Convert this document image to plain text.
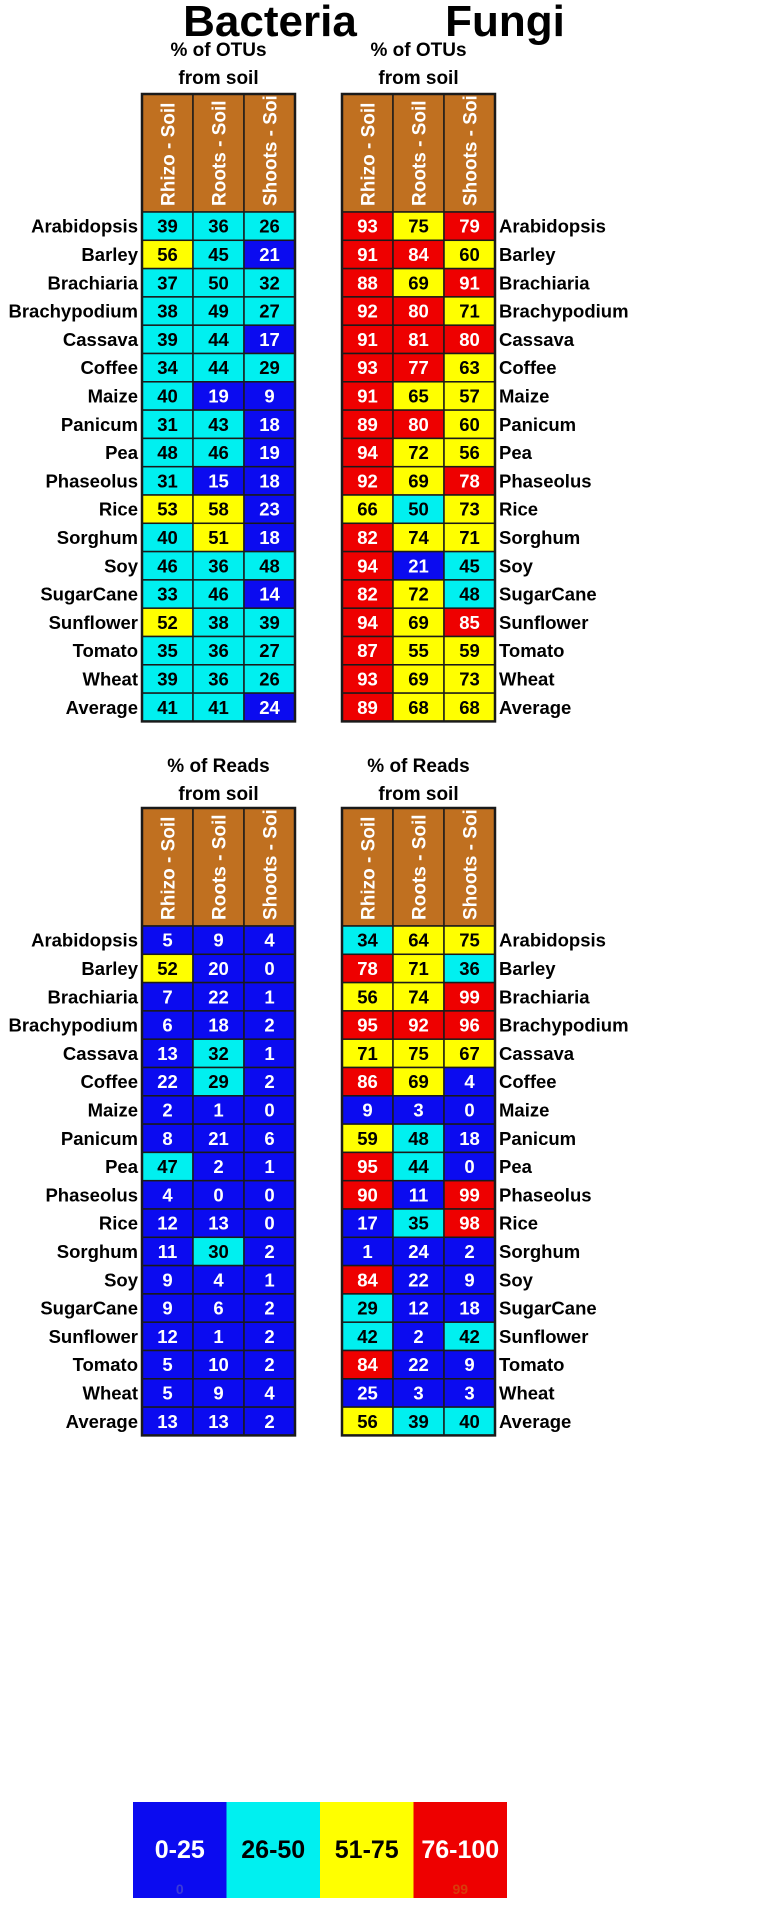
Bacteria Fungi
% of OTUs
from soil
Rhizo - Soil Roots - Soil Shoots - Soil
Arabidopsis 39 36 26
Barley 56 45 21
Brachiaria 37 50 32
Brachypodium 38 49 27
Cassava 39 44 17
Coffee 34 44 29
Maize 40 19 9
Panicum 31 43 18
Pea 48 46 19
Phaseolus 31 15 18
Rice 53 58 23
Sorghum 40 51 18
Soy 46 36 48
SugarCane 33 46 14
Sunflower 52 38 39
Tomato 35 36 27
Wheat 39 36 26
Average 41 41 24
% of OTUs
from soil
Rhizo - Soil Roots - Soil Shoots - Soil
Arabidopsis
93 75 79
Barley
91 84 60
Brachiaria
88 69 91
Brachypodium
92 80 71
Cassava
91 81 80
Coffee
93 77 63
Maize
91 65 57
Panicum
89 80 60
Pea
94 72 56
Phaseolus
92 69 78
Rice
66 50 73
Sorghum
82 74 71
Soy
94 21 45
SugarCane
82 72 48
Sunflower
94 69 85
Tomato
87 55 59
Wheat
93 69 73
Average
89 68 68
% of Reads
from soil
Rhizo - Soil Roots - Soil Shoots - Soil
Arabidopsis 5 9 4
Barley 52 20 0
Brachiaria 7 22 1
Brachypodium 6 18 2
Cassava 13 32 1
Coffee 22 29 2
Maize 2 1 0
Panicum 8 21 6
Pea 47 2 1
Phaseolus 4 0 0
Rice 12 13 0
Sorghum 11 30 2
Soy 9 4 1
SugarCane 9 6 2
Sunflower 12 1 2
Tomato 5 10 2
Wheat 5 9 4
Average 13 13 2
% of Reads
from soil
Rhizo - Soil Roots - Soil Shoots - Soil
Arabidopsis
34 64 75
Barley
78 71 36
Brachiaria
56 74 99
Brachypodium
95 92 96
Cassava
71 75 67
Coffee
86 69 4
Maize
9 3 0
Panicum
59 48 18
Pea
95 44 0
Phaseolus
90 11 99
Rice
17 35 98
Sorghum
1 24 2
Soy
84 22 9
SugarCane
29 12 18
Sunflower
42 2 42
Tomato
84 22 9
Wheat
25 3 3
Average
56 39 40
0-25 26-50 51-75 76-100
0	99
